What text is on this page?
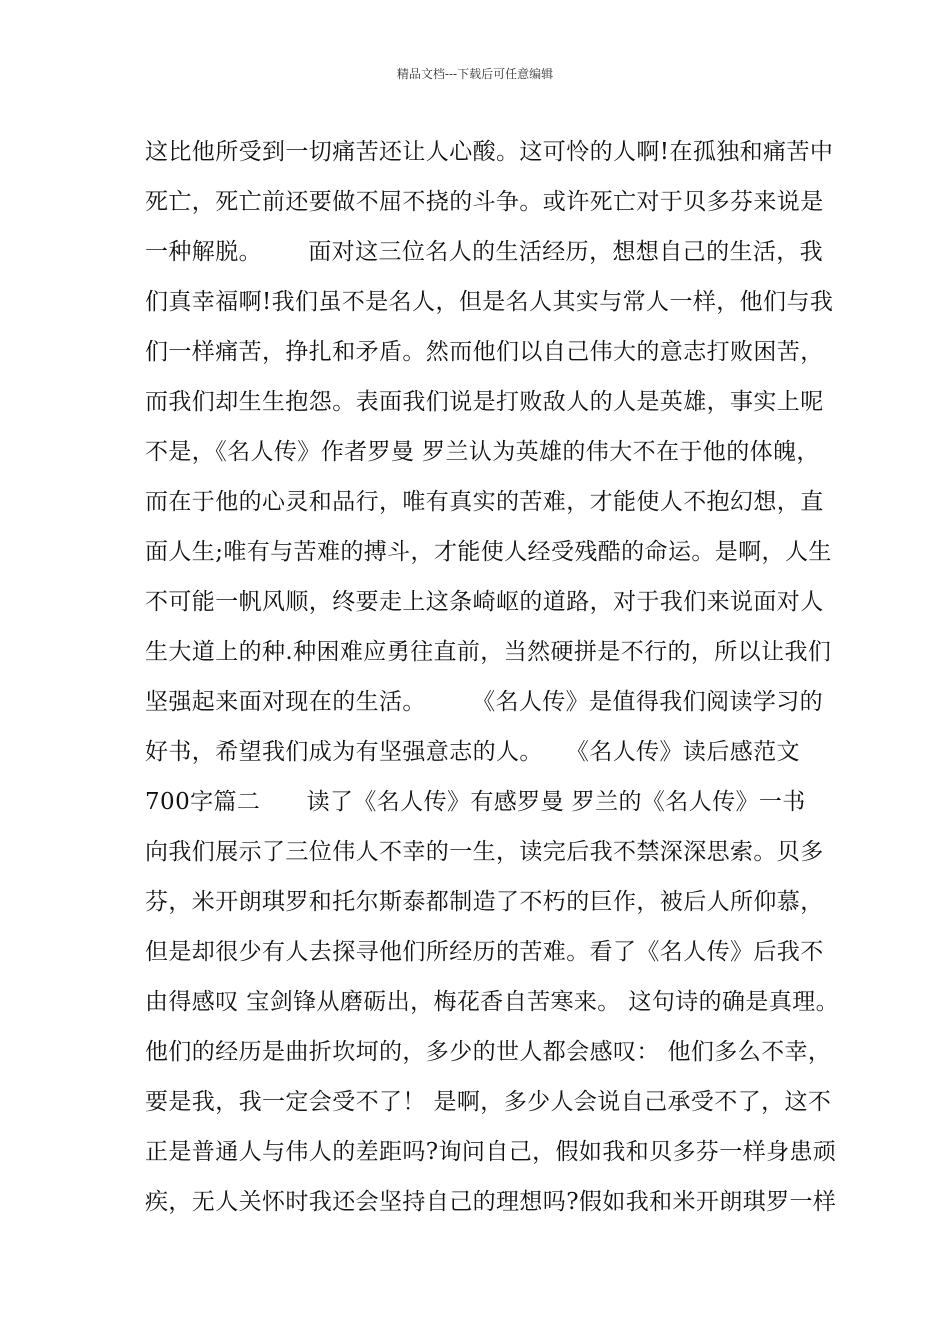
精品文档---下载后可任意编辑
这比他所受到一切痛苦还让人心酸。这可怜的人啊!在孤独和痛苦中
死亡，死亡前还要做不屈不挠的斗争。或许死亡对于贝多芬来说是
一种解脱。      面对这三位名人的生活经历，想想自己的生活，我
们真幸福啊!我们虽不是名人，但是名人其实与常人一样，他们与我
们一样痛苦，挣扎和矛盾。然而他们以自己伟大的意志打败困苦，
而我们却生生抱怨。表面我们说是打败敌人的人是英雄，事实上呢
不是，《名人传》作者罗曼 罗兰认为英雄的伟大不在于他的体魄，
而在于他的心灵和品行，唯有真实的苦难，才能使人不抱幻想，直
面人生;唯有与苦难的搏斗，才能使人经受残酷的命运。是啊，人生
不可能一帆风顺，终要走上这条崎岖的道路，对于我们来说面对人
生大道上的种.种困难应勇往直前，当然硬拼是不行的，所以让我们
坚强起来面对现在的生活。      《名人传》是值得我们阅读学习的
好书，希望我们成为有坚强意志的人。   《名人传》读后感范文
700字篇二      读了《名人传》有感罗曼 罗兰的《名人传》一书
向我们展示了三位伟人不幸的一生，读完后我不禁深深思索。贝多
芬，米开朗琪罗和托尔斯泰都制造了不朽的巨作，被后人所仰慕，
但是却很少有人去探寻他们所经历的苦难。看了《名人传》后我不
由得感叹 宝剑锋从磨砺出，梅花香自苦寒来。 这句诗的确是真理。
他们的经历是曲折坎坷的，多少的世人都会感叹： 他们多么不幸，
要是我，我一定会受不了！ 是啊，多少人会说自己承受不了，这不
正是普通人与伟人的差距吗?询问自己，假如我和贝多芬一样身患顽
疾，无人关怀时我还会坚持自己的理想吗?假如我和米开朗琪罗一样
